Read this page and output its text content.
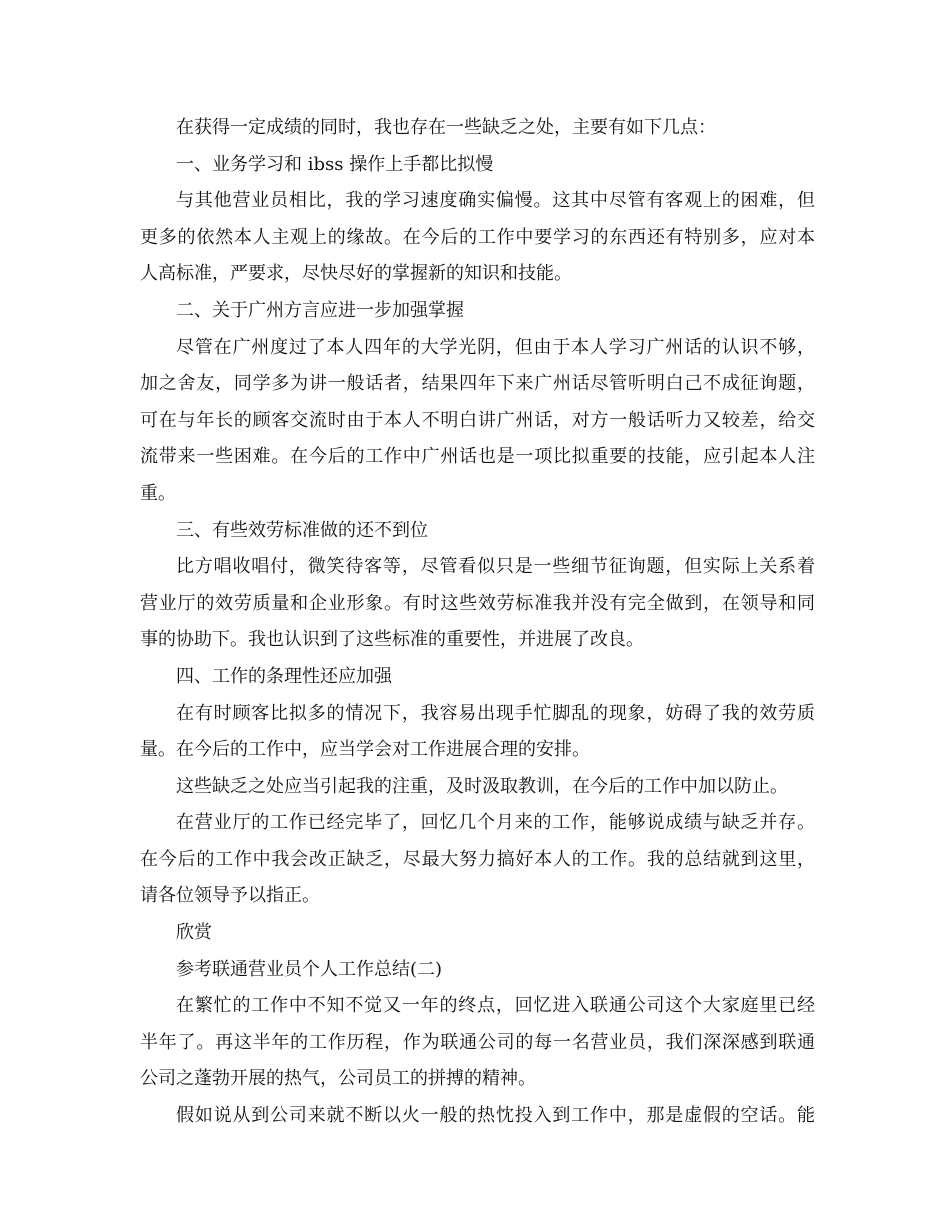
在获得一定成绩的同时，我也存在一些缺乏之处，主要有如下几点：
一、业务学习和 ibss 操作上手都比拟慢
与其他营业员相比，我的学习速度确实偏慢。这其中尽管有客观上的困难，但
更多的依然本人主观上的缘故。在今后的工作中要学习的东西还有特别多，应对本
人高标准，严要求，尽快尽好的掌握新的知识和技能。
二、关于广州方言应进一步加强掌握
尽管在广州度过了本人四年的大学光阴，但由于本人学习广州话的认识不够，
加之舍友，同学多为讲一般话者，结果四年下来广州话尽管听明白己不成征询题，
可在与年长的顾客交流时由于本人不明白讲广州话，对方一般话听力又较差，给交
流带来一些困难。在今后的工作中广州话也是一项比拟重要的技能，应引起本人注
重。
三、有些效劳标准做的还不到位
比方唱收唱付，微笑待客等，尽管看似只是一些细节征询题，但实际上关系着
营业厅的效劳质量和企业形象。有时这些效劳标准我并没有完全做到，在领导和同
事的协助下。我也认识到了这些标准的重要性，并进展了改良。
四、工作的条理性还应加强
在有时顾客比拟多的情况下，我容易出现手忙脚乱的现象，妨碍了我的效劳质
量。在今后的工作中，应当学会对工作进展合理的安排。
这些缺乏之处应当引起我的注重，及时汲取教训，在今后的工作中加以防止。
在营业厅的工作已经完毕了，回忆几个月来的工作，能够说成绩与缺乏并存。
在今后的工作中我会改正缺乏，尽最大努力搞好本人的工作。我的总结就到这里，
请各位领导予以指正。
欣赏
参考联通营业员个人工作总结(二)
在繁忙的工作中不知不觉又一年的终点，回忆进入联通公司这个大家庭里已经
半年了。再这半年的工作历程，作为联通公司的每一名营业员，我们深深感到联通
公司之蓬勃开展的热气，公司员工的拼搏的精神。
假如说从到公司来就不断以火一般的热忱投入到工作中，那是虚假的空话。能
